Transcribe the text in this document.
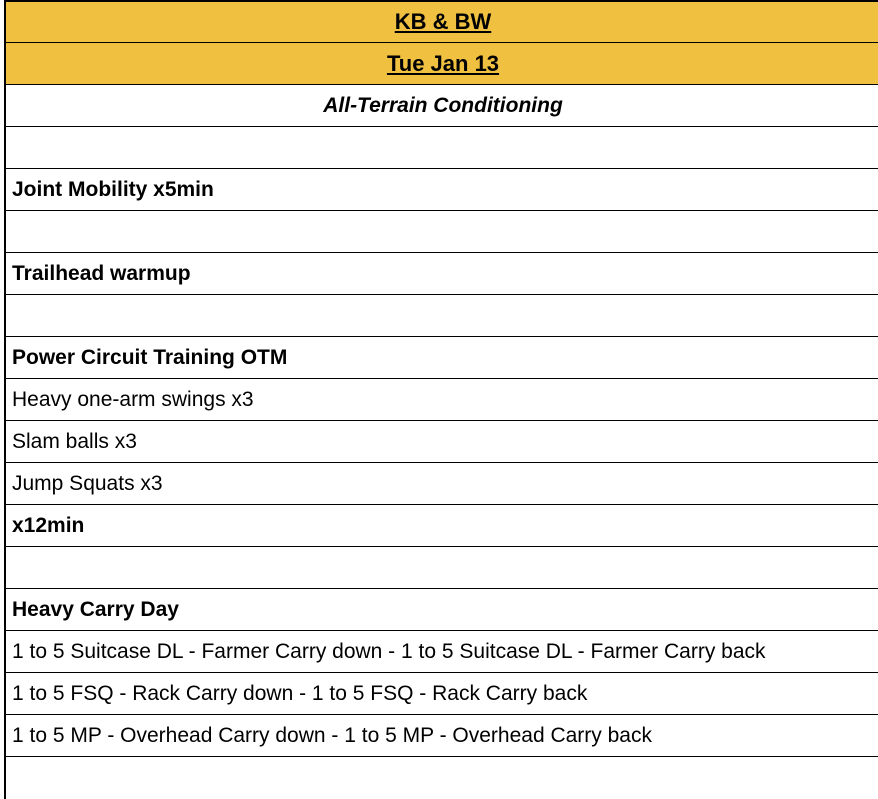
KB & BW
Tue Jan 13
All-Terrain Conditioning
Joint Mobility x5min
Trailhead warmup
Power Circuit Training OTM
Heavy one-arm swings x3
Slam balls x3
Jump Squats x3
x12min
Heavy Carry Day
1 to 5 Suitcase DL - Farmer Carry down - 1 to 5 Suitcase DL - Farmer Carry back
1 to 5 FSQ - Rack Carry down - 1 to 5 FSQ - Rack Carry back
1 to 5 MP - Overhead Carry down - 1 to 5 MP - Overhead Carry back
